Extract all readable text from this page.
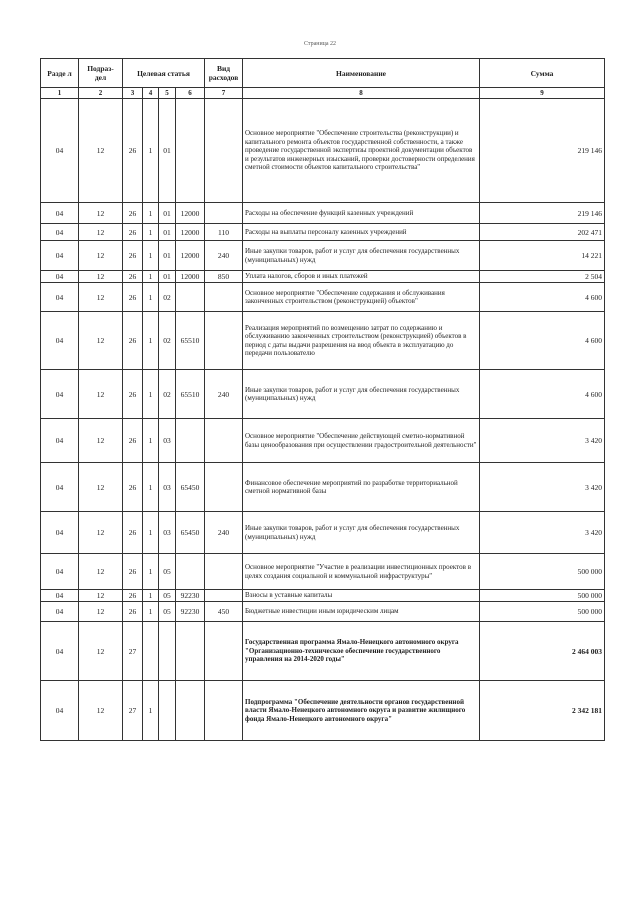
Страница 22
Разде л	Подраз- дел	Целевая статья				Вид расходов	Наименование	Сумма
1	2	3	4	5	6	7	8	9
04	12	26	1	01			Основное мероприятие "Обеспечение строительства (реконструкции) и капитального ремонта объектов государственной собственности, а также проведение государственной экспертизы проектной документации объектов и результатов инженерных изысканий, проверки достоверности определения сметной стоимости объектов капитального строительства"	219 146
04	12	26	1	01	12000		Расходы на обеспечение функций казенных учреждений	219 146
04	12	26	1	01	12000	110	Расходы на выплаты персоналу казенных учреждений	202 471
04	12	26	1	01	12000	240	Иные закупки товаров, работ и услуг для обеспечения государственных (муниципальных) нужд	14 221
04	12	26	1	01	12000	850	Уплата налогов, сборов и иных платежей	2 504
04	12	26	1	02			Основное мероприятие "Обеспечение содержания и обслуживания законченных строительством (реконструкцией) объектов"	4 600
04	12	26	1	02	65510		Реализация мероприятий по возмещению затрат по содержанию и обслуживанию законченных строительством (реконструкцией) объектов в период с даты выдачи разрешения на ввод объекта в эксплуатацию до передачи пользователю	4 600
04	12	26	1	02	65510	240	Иные закупки товаров, работ и услуг для обеспечения государственных (муниципальных) нужд	4 600
04	12	26	1	03			Основное мероприятие "Обеспечение действующей сметно-нормативной базы ценообразования при осуществлении градостроительной деятельности"	3 420
04	12	26	1	03	65450		Финансовое обеспечение мероприятий по разработке территориальной сметной нормативной базы	3 420
04	12	26	1	03	65450	240	Иные закупки товаров, работ и услуг для обеспечения государственных (муниципальных) нужд	3 420
04	12	26	1	05			Основное мероприятие "Участие в реализации инвестиционных проектов в целях создания социальной и коммунальной инфраструктуры"	500 000
04	12	26	1	05	92230		Взносы в уставные капиталы	500 000
04	12	26	1	05	92230	450	Бюджетные инвестиции иным юридическим лицам	500 000
04	12	27					Государственная программа Ямало-Ненецкого автономного округа "Организационно-техническое обеспечение государственного управления на 2014-2020 годы"	2 464 003
04	12	27	1				Подпрограмма "Обеспечение деятельности органов государственной власти Ямало-Ненецкого автономного округа и развитие жилищного фонда Ямало-Ненецкого автономного округа"	2 342 181
